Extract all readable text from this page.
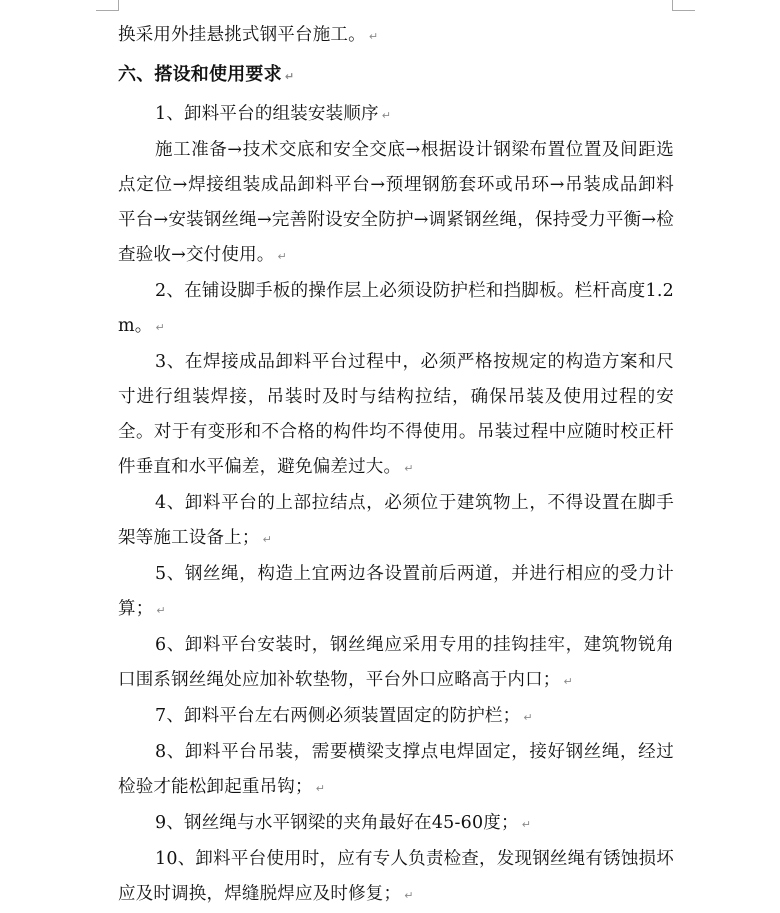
换采用外挂悬挑式钢平台施工。 ↵

六、搭设和使用要求 ↵

1、卸料平台的组装安装顺序 ↵

施工准备→技术交底和安全交底→根据设计钢梁布置位置及间距选点定位→焊接组装成品卸料平台→预埋钢筋套环或吊环→吊装成品卸料平台→安装钢丝绳→完善附设安全防护→调紧钢丝绳，保持受力平衡→检查验收→交付使用。 ↵

2、在铺设脚手板的操作层上必须设防护栏和挡脚板。栏杆高度1.2m。 ↵

3、在焊接成品卸料平台过程中，必须严格按规定的构造方案和尺寸进行组装焊接，吊装时及时与结构拉结，确保吊装及使用过程的安全。对于有变形和不合格的构件均不得使用。吊装过程中应随时校正杆件垂直和水平偏差，避免偏差过大。 ↵

4、卸料平台的上部拉结点，必须位于建筑物上，不得设置在脚手架等施工设备上； ↵

5、钢丝绳，构造上宜两边各设置前后两道，并进行相应的受力计算； ↵

6、卸料平台安装时，钢丝绳应采用专用的挂钩挂牢，建筑物锐角口围系钢丝绳处应加补软垫物，平台外口应略高于内口； ↵

7、卸料平台左右两侧必须装置固定的防护栏； ↵

8、卸料平台吊装，需要横梁支撑点电焊固定，接好钢丝绳，经过检验才能松卸起重吊钩； ↵

9、钢丝绳与水平钢梁的夹角最好在45-60度； ↵

10、卸料平台使用时，应有专人负责检查，发现钢丝绳有锈蚀损坏应及时调换，焊缝脱焊应及时修复； ↵
